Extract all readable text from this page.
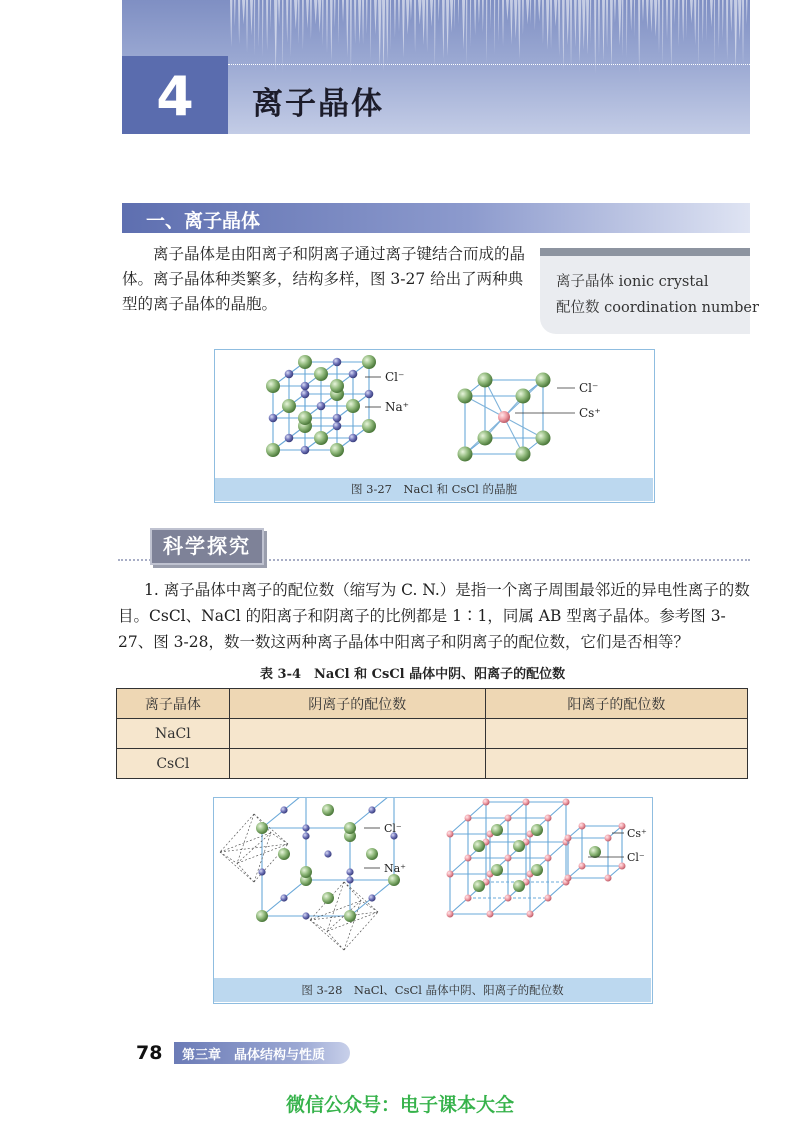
4	离子晶体
一、离子晶体
离子晶体是由阳离子和阴离子通过离子键结合而成的晶体。离子晶体种类繁多，结构多样，图 3-27 给出了两种典型的离子晶体的晶胞。
离子晶体 ionic crystal
配位数 coordination number
Cl⁻
Na⁺
Cl⁻
Cs⁺
图 3-27　NaCl 和 CsCl 的晶胞
科学探究
1. 离子晶体中离子的配位数（缩写为 C. N.）是指一个离子周围最邻近的异电性离子的数目。CsCl、NaCl 的阳离子和阴离子的比例都是 1∶1，同属 AB 型离子晶体。参考图 3-27、图 3-28，数一数这两种离子晶体中阳离子和阴离子的配位数，它们是否相等？
表 3-4　NaCl 和 CsCl 晶体中阴、阳离子的配位数
离子晶体	阴离子的配位数	阳离子的配位数
NaCl		
CsCl		
Cl⁻
Na⁺
Cs⁺
Cl⁻
图 3-28　NaCl、CsCl 晶体中阴、阳离子的配位数
78 第三章　晶体结构与性质
微信公众号：电子课本大全
